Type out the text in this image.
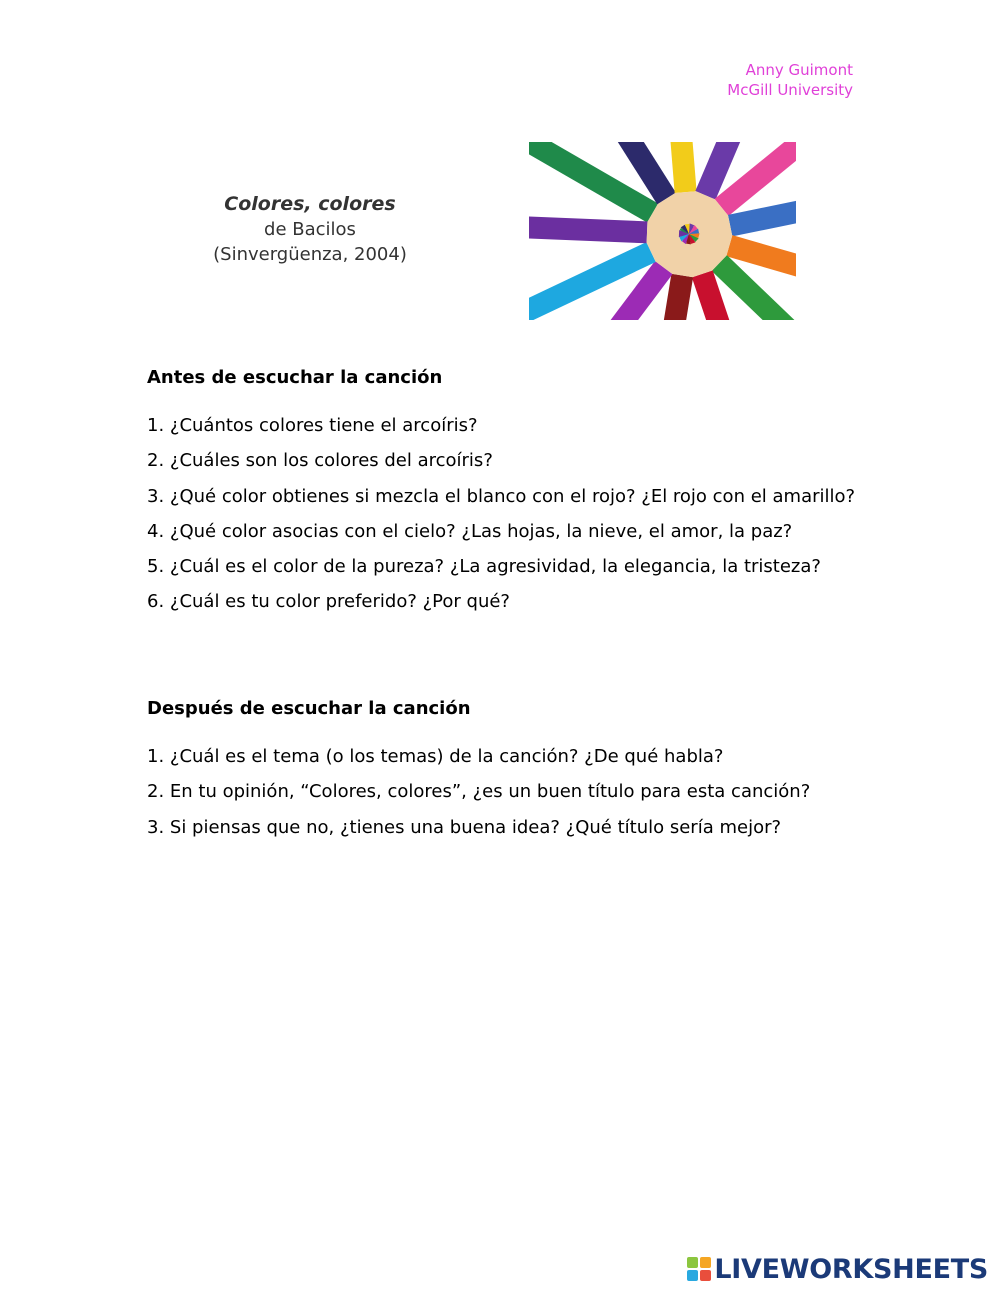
Anny Guimont
McGill University
Colores, colores
de Bacilos
(Sinvergüenza, 2004)
Antes de escuchar la canción
1. ¿Cuántos colores tiene el arcoíris?
2. ¿Cuáles son los colores del arcoíris?
3. ¿Qué color obtienes si mezcla el blanco con el rojo? ¿El rojo con el amarillo?
4. ¿Qué color asocias con el cielo? ¿Las hojas, la nieve, el amor, la paz?
5. ¿Cuál es el color de la pureza? ¿La agresividad, la elegancia, la tristeza?
6. ¿Cuál es tu color preferido? ¿Por qué?
Después de escuchar la canción
1. ¿Cuál es el tema (o los temas) de la canción? ¿De qué habla?
2. En tu opinión, “Colores, colores”, ¿es un buen título para esta canción?
3. Si piensas que no, ¿tienes una buena idea? ¿Qué título sería mejor?
LIVEWORKSHEETS
